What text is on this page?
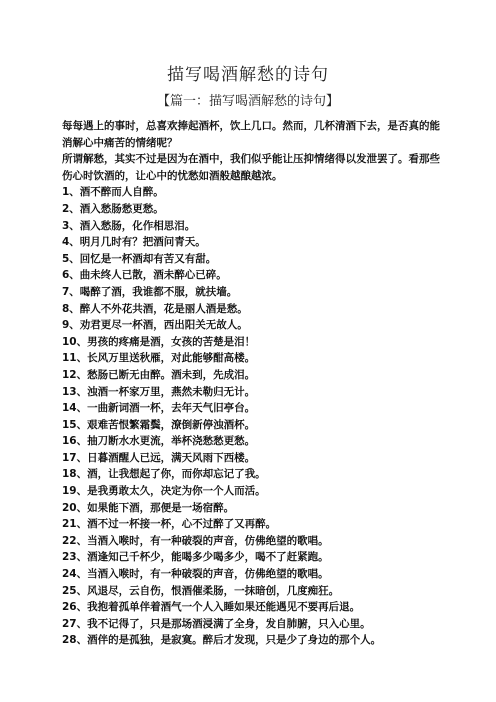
描写喝酒解愁的诗句
【篇一：描写喝酒解愁的诗句】

每每遇上的事时，总喜欢捧起酒杯，饮上几口。然而，几杯清酒下去，是否真的能消解心中痛苦的情绪呢？

所谓解愁，其实不过是因为在酒中，我们似乎能让压抑情绪得以发泄罢了。看那些伤心时饮酒的，让心中的忧愁如酒般越酿越浓。

1、酒不醉而人自醉。
2、酒入愁肠愁更愁。
3、酒入愁肠，化作相思泪。
4、明月几时有？把酒问青天。
5、回忆是一杯酒却有苦又有甜。
6、曲未终人已散，酒未醉心已碎。
7、喝醉了酒，我谁都不服，就扶墙。
8、醉人不外花共酒，花是丽人酒是愁。
9、劝君更尽一杯酒，西出阳关无故人。
10、男孩的疼痛是酒，女孩的苦楚是泪！
11、长风万里送秋雁，对此能够酣高楼。
12、愁肠已断无由醉。酒未到，先成泪。
13、浊酒一杯家万里，燕然未勒归无计。
14、一曲新词酒一杯，去年天气旧亭台。
15、艰难苦恨繁霜鬓，潦倒新停浊酒杯。
16、抽刀断水水更流，举杯浇愁愁更愁。
17、日暮酒醒人已远，满天风雨下西楼。
18、酒，让我想起了你，而你却忘记了我。
19、是我勇敢太久，决定为你一个人而活。
20、如果能下酒，那便是一场宿醉。
21、酒不过一杯接一杯，心不过醉了又再醉。
22、当酒入喉时，有一种破裂的声音，仿佛绝望的歌唱。
23、酒逢知己千杯少，能喝多少喝多少，喝不了赶紧跑。
24、当酒入喉时，有一种破裂的声音，仿佛绝望的歌唱。
25、风退尽，云自伤，恨酒催柔肠，一抹暗创，几度痴狂。
26、我抱着孤单伴着酒气一个人入睡如果还能遇见不要再后退。
27、我不记得了，只是那场酒浸满了全身，发自肺腑，只入心里。
28、酒伴的是孤独，是寂寞。醉后才发现，只是少了身边的那个人。
